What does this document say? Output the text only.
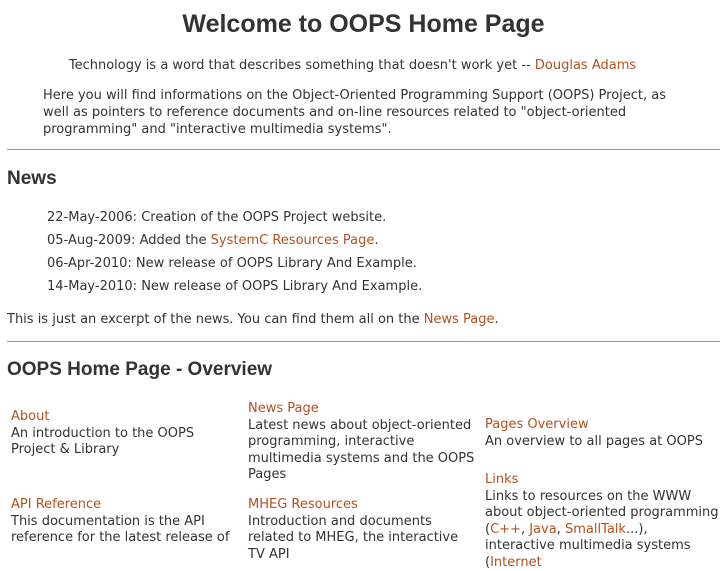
Welcome to OOPS Home Page
Technology is a word that describes something that doesn't work yet -- Douglas Adams

Here you will find informations on the Object-Oriented Programming Support (OOPS) Project, as well as pointers to reference documents and on-line resources related to "object-oriented programming" and "interactive multimedia systems".

News
22-May-2006: Creation of the OOPS Project website.
05-Aug-2009: Added the SystemC Resources Page.
06-Apr-2010: New release of OOPS Library And Example.
14-May-2010: New release of OOPS Library And Example.

This is just an excerpt of the news. You can find them all on the News Page.

OOPS Home Page - Overview
About
An introduction to the OOPS Project & Library
News Page
Latest news about object-oriented programming, interactive multimedia systems and the OOPS Pages
Pages Overview
An overview to all pages at OOPS
Links
Links to resources on the WWW about object-oriented programming (C++, Java, SmallTalk...), interactive multimedia systems (Internet
API Reference
This documentation is the API reference for the latest release of
MHEG Resources
Introduction and documents related to MHEG, the interactive TV API
